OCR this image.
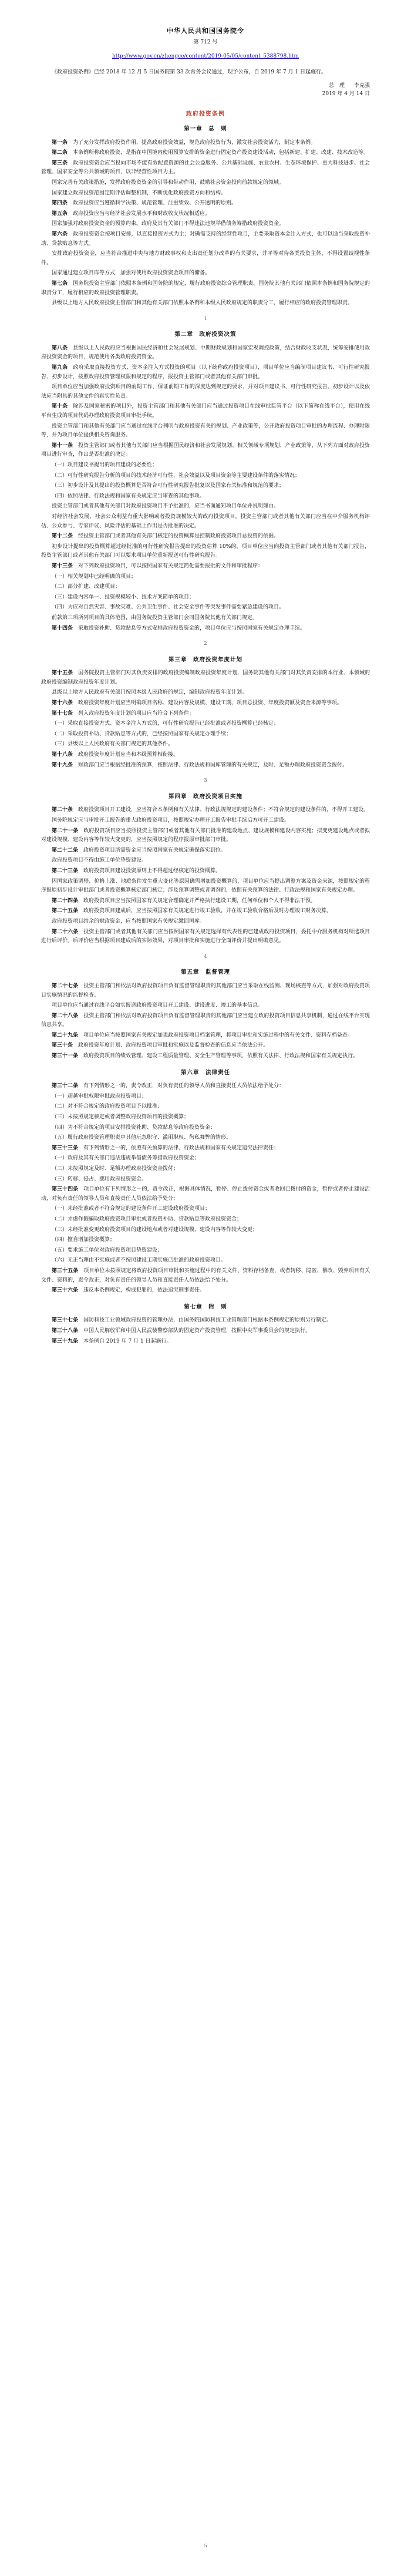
中华人民共和国国务院令
第 712 号
http://www.gov.cn/zhengce/content/2019-05/05/content_5388798.htm
《政府投资条例》已经 2018 年 12 月 5 日国务院第 33 次常务会议通过，现予公布，自 2019 年 7 月 1 日起施行。
总　理 李克强
2019 年 4 月 14 日
政府投资条例
第一章　总　则
第一条　为了充分发挥政府投资作用，提高政府投资效益，规范政府投资行为，激发社会投资活力，制定本条例。
第二条　本条例所称政府投资，是指在中国境内使用预算安排的资金进行固定资产投资建设活动，包括新建、扩建、改建、技术改造等。
第三条　政府投资资金应当投向市场不能有效配置资源的社会公益服务、公共基础设施、农业农村、生态环境保护、重大科技进步、社会管理、国家安全等公共领域的项目，以非经营性项目为主。
国家完善有关政策措施，发挥政府投资资金的引导和带动作用，鼓励社会资金投向前款规定的领域。
国家建立政府投资范围定期评估调整机制，不断优化政府投资方向和结构。
第四条　政府投资应当遵循科学决策、规范管理、注重绩效、公开透明的原则。
第五条　政府投资应当与经济社会发展水平和财政收支状况相适应。
国家加强对政府投资资金的预算约束。政府及其有关部门不得违法违规举借债务筹措政府投资资金。
第六条　政府投资资金按项目安排，以直接投资方式为主；对确需支持的经营性项目，主要采取资本金注入方式，也可以适当采取投资补助、贷款贴息等方式。
安排政府投资资金，应当符合推进中央与地方财政事权和支出责任划分改革的有关要求，并平等对待各类投资主体，不得设置歧视性条件。
国家通过建立项目库等方式，加强对使用政府投资资金项目的储备。
第七条　国务院投资主管部门依照本条例和国务院的规定，履行政府投资综合管理职责。国务院其他有关部门依照本条例和国务院规定的职责分工，履行相应的政府投资管理职责。
县级以上地方人民政府投资主管部门和其他有关部门依照本条例和本级人民政府规定的职责分工，履行相应的政府投资管理职责。
1
第二章　政府投资决策
第八条　县级以上人民政府应当根据国民经济和社会发展规划、中期财政规划和国家宏观调控政策，结合财政收支状况，统筹安排使用政府投资资金的项目，规范使用各类政府投资资金。
第九条　政府采取直接投资方式、资本金注入方式投资的项目（以下统称政府投资项目），项目单位应当编制项目建议书、可行性研究报告、初步设计，按照政府投资管理权限和规定的程序，报投资主管部门或者其他有关部门审批。
项目单位应当加强政府投资项目的前期工作，保证前期工作的深度达到规定的要求，并对项目建议书、可行性研究报告、初步设计以及依法应当附具的其他文件的真实性负责。
第十条　除涉及国家秘密的项目外，投资主管部门和其他有关部门应当通过投资项目在线审批监管平台（以下简称在线平台），使用在线平台生成的项目代码办理政府投资项目审批手续。
投资主管部门和其他有关部门应当通过在线平台列明与政府投资有关的规划、产业政策等，公开政府投资项目审批的办理流程、办理时限等，并为项目单位提供相关咨询服务。
第十一条　投资主管部门或者其他有关部门应当根据国民经济和社会发展规划、相关领域专项规划、产业政策等，从下列方面对政府投资项目进行审查，作出是否批准的决定：
（一）项目建议书提出的项目建设的必要性；
（二）可行性研究报告分析的项目的技术经济可行性、社会效益以及项目资金等主要建设条件的落实情况；
（三）初步设计及其提出的投资概算是否符合可行性研究报告批复以及国家有关标准和规范的要求；
（四）依照法律、行政法规和国家有关规定应当审查的其他事项。
投资主管部门或者其他有关部门对政府投资项目不予批准的，应当书面通知项目单位并说明理由。
对经济社会发展、社会公众利益有重大影响或者投资规模较大的政府投资项目，投资主管部门或者其他有关部门应当在中介服务机构评估、公众参与、专家评议、风险评估的基础上作出是否批准的决定。
第十二条　经投资主管部门或者其他有关部门核定的投资概算是控制政府投资项目总投资的依据。
初步设计提出的投资概算超过经批准的可行性研究报告提出的投资估算 10%的，项目单位应当向投资主管部门或者其他有关部门报告，投资主管部门或者其他有关部门可以要求项目单位重新报送可行性研究报告。
第十三条　对下列政府投资项目，可以按照国家有关规定简化需要报批的文件和审批程序：
（一）相关规划中已经明确的项目；
（二）部分扩建、改建项目；
（三）建设内容单一、投资规模较小、技术方案简单的项目；
（四）为应对自然灾害、事故灾难、公共卫生事件、社会安全事件等突发事件需要紧急建设的项目。
前款第三项所列项目的具体范围，由国务院投资主管部门会同国务院其他有关部门规定。
第十四条　采取投资补助、贷款贴息等方式安排政府投资资金的，项目单位应当按照国家有关规定办理手续。
2
第三章　政府投资年度计划
第十五条　国务院投资主管部门对其负责安排的政府投资编制政府投资年度计划，国务院其他有关部门对其负责安排的本行业、本领域的政府投资编制政府投资年度计划。
县级以上地方人民政府有关部门按照本级人民政府的规定，编制政府投资年度计划。
第十六条　政府投资年度计划应当明确项目名称、建设内容及规模、建设工期、项目总投资、年度投资额及资金来源等事项。
第十七条　列入政府投资年度计划的项目应当符合下列条件：
（一）采取直接投资方式、资本金注入方式的，可行性研究报告已经批准或者投资概算已经核定；
（二）采取投资补助、贷款贴息等方式的，已经按照国家有关规定办理手续；
（三）县级以上人民政府有关部门规定的其他条件。
第十八条　政府投资年度计划应当和本级预算相衔接。
第十九条　财政部门应当根据经批准的预算，按照法律、行政法规和国库管理的有关规定，及时、足额办理政府投资资金拨付。
3
第四章　政府投资项目实施
第二十条　政府投资项目开工建设，应当符合本条例和有关法律、行政法规规定的建设条件；不符合规定的建设条件的，不得开工建设。
国务院规定应当审批开工报告的重大政府投资项目，按照规定办理开工报告审批手续后方可开工建设。
第二十一条　政府投资项目应当按照投资主管部门或者其他有关部门批准的建设地点、建设规模和建设内容实施；拟变更建设地点或者拟对建设规模、建设内容等作较大变更的，应当按照规定的程序报原审批部门审批。
第二十二条　政府投资项目所需资金应当按照国家有关规定确保落实到位。
政府投资项目不得由施工单位垫资建设。
第二十三条　政府投资项目建设投资原则上不得超过经核定的投资概算。
因国家政策调整、价格上涨、地质条件发生重大变化等原因确需增加投资概算的，项目单位应当提出调整方案及资金来源，按照规定的程序报原初步设计审批部门或者投资概算核定部门核定；涉及预算调整或者调剂的，依照有关预算的法律、行政法规和国家有关规定办理。
第二十四条　政府投资项目应当按照国家有关规定合理确定并严格执行建设工期，任何单位和个人不得非法干预。
第二十五条　政府投资项目建成后，应当按照国家有关规定进行竣工验收，并在竣工验收合格后及时办理竣工财务决算。
政府投资项目结余的财政资金，应当按照国家有关规定缴回国库。
第二十六条　投资主管部门或者其他有关部门应当按照国家有关规定选择有代表性的已建成政府投资项目，委托中介服务机构对所选项目进行后评价。后评价应当根据项目建成后的实际效果，对项目审批和实施进行全面评价并提出明确意见。
4
第五章　监督管理
第二十七条　投资主管部门和依法对政府投资项目负有监督管理职责的其他部门应当采取在线监测、现场核查等方式，加强对政府投资项目实施情况的监督检查。
项目单位应当通过在线平台如实报送政府投资项目开工建设、建设进度、竣工的基本信息。
第二十八条　投资主管部门和依法对政府投资项目负有监督管理职责的其他部门应当建立政府投资项目信息共享机制，通过在线平台实现信息共享。
第二十九条　项目单位应当按照国家有关规定加强政府投资项目档案管理，将项目审批和实施过程中的有关文件、资料存档备查。
第三十条　政府投资年度计划、政府投资项目审批和实施以及监督检查的信息应当依法公开。
第三十一条　政府投资项目的绩效管理、建设工程质量管理、安全生产管理等事项，依照有关法律、行政法规和国家有关规定执行。
第六章　法律责任
第三十二条　有下列情形之一的，责令改正，对负有责任的领导人员和直接责任人员依法给予处分：
（一）超越审批权限审批政府投资项目；
（二）对不符合规定的政府投资项目予以批准；
（三）未按照规定核定或者调整政府投资项目的投资概算；
（四）为不符合规定的项目安排投资补助、贷款贴息等政府投资资金；
（五）履行政府投资管理职责中其他玩忽职守、滥用职权、徇私舞弊的情形。
第三十三条　有下列情形之一的，依照有关预算的法律、行政法规和国家有关规定追究法律责任：
（一）政府及其有关部门违法违规举借债务筹措政府投资资金；
（二）未按照规定及时、足额办理政府投资资金拨付；
（三）转移、侵占、挪用政府投资资金。
第三十四条　项目单位有下列情形之一的，责令改正，根据具体情况，暂停、停止拨付资金或者收回已拨付的资金，暂停或者停止建设活动，对负有责任的领导人员和直接责任人员依法给予处分：
（一）未经批准或者不符合规定的建设条件开工建设政府投资项目；
（二）弄虚作假骗取政府投资项目审批或者投资补助、贷款贴息等政府投资资金；
（三）未经批准变更政府投资项目的建设地点或者对建设规模、建设内容等作较大变更；
（四）擅自增加投资概算；
（五）要求施工单位对政府投资项目垫资建设；
（六）无正当理由不实施或者不按照建设工期实施已批准的政府投资项目。
第三十五条　项目单位未按照规定将政府投资项目审批和实施过程中的有关文件、资料存档备查，或者转移、隐匿、篡改、毁弃项目有关文件、资料的，责令改正，对负有责任的领导人员和直接责任人员依法给予处分。
第三十六条　违反本条例规定，构成犯罪的，依法追究刑事责任。
第七章　附　则
第三十七条　国防科技工业领域政府投资的管理办法，由国务院国防科技工业管理部门根据本条例规定的原则另行制定。
第三十八条　中国人民解放军和中国人民武装警察部队的固定资产投资管理，按照中央军事委员会的规定执行。
第三十九条　本条例自 2019 年 7 月 1 日起施行。
5
